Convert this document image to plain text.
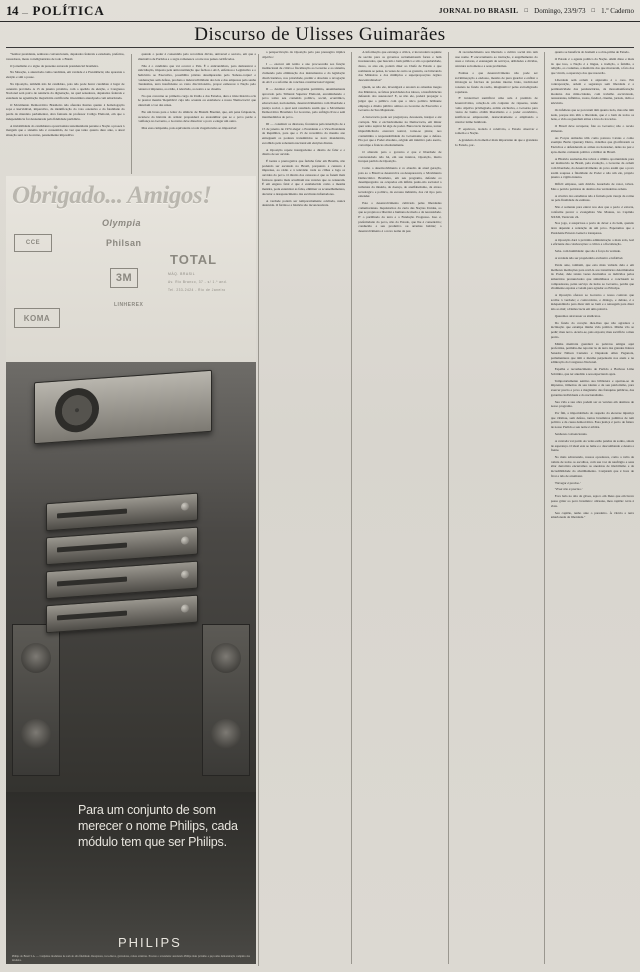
14 — POLÍTICA	JORNAL DO BRASIL □ Domingo, 23/9/73 □ 1.º Caderno
Discurso de Ulisses Guimarães

"Senhor presidente, senhores convencionais, deputados federais e estaduais, prefeitos, vereadores, meus correligionários de todo o Brasil.

O jornalismo é o signo da presente aurorada presidencial brasileira.

Na Situação, a anunciada cama candidata, em verdade é a Presidência; não aparenta a eleição e sim a posse.

Na Oposição, também não há candidato, pois não pode haver candidato à lugar de ostensão provinda. A 15 de janeiro próximo, com o apelido da eleição, o Congresso Nacional será palco de renúncia da dignatação, na qual senadores, deputados federais e estaduais na agremiação majoritária certificarão investidura antecipada com amortizada.

O Movimento Democrático Brasileiro não aferenta ilusões quanto à homologação sopa e inervidável, imperativo, da identificação do voto ostensivo e da fatalidade da perda do mandato parlamentar, obra fantasia de professor Código Eleitoral, em que a independência foi desnaturada pela fidelidade partidária.

A inviabilidade do candidatura oposicionista testemunharia perante a Nação a proeza à margem que o sistema não é consentido, de vez que tanto quanto dure ante, a atual situação será ora Governo, perenemente impositivo

quando o poder é consentida pelo recordista dirvés, universal e secreto, em que a alternativa de Partidos e o regra romanesce ocorre nos países certificados.

Não é o candidato que vai ocorrer o País. É o anticandidato, para demonstrar a anticidiação, imposta pela anticonstituição que fechou o AI-5, enfeixou o Legislativo e o Judiciário ao Executivo, possibilita prisões desamparadas pelo 'habeas-corpus' e condenações sem defesa, produza a indesvacibilidade dos leis e das empresas pela sanha clandestina, terra insuficiente ao vasto discricionário, propor esmorece à Nação pelo censura à imprensa, ao rádio, à televisão, ao teatro e ao cinema.

No que concerne ao primeiro cargo da União e dos Estados, dura a triste história ocla de prestar mesma 'República' cuja não ocuanta ou estabelece e nossa 'Democracia' que silenciam a voz das urnas.

Ele um brasa para o leitor do silêncio de Brutalá Brezitei, que, em pena falquancia, escartece da história do artista: proponderá ao anotanilhar que se o povo perde a confiança no Governo, o Governo deve dissolver o povo e eleger um outro.

Mas essa campanha, pois equivaleria a toda viagem rumo ao impossível

Obrigado... Amigos!
CCE
Olympia
Philsan
3M
KOMA
LINHEREX
TOTAL
MÁQ. BRASIL
Av. Rio Branco, 37 - s/ 1.º and.
Tel. 233-2424 - Rio de Janeiro
Para um conjunto de som merecer o nome Philips, cada módulo tem que ser Philips.
PHILIPS
Philips do Brasil S.A. — Conjuntos modulares de som de alta fidelidade. Receptores, toca-discos, gravadores, caixas acústicas. Procure o revendedor autorizado Philips mais próximo e peça uma demonstração completa dos módulos.

a perspectivação da Oposição pelo pau pressagira tríplice objetivo:

I — exercer um termo e ano procoecedia aos função institucional de critica e fiscalização ao Governo e ao sistema, clamando pela eliminação dos instrumentos e da legislação discricionários, nos prioridade, premir e absoluta a revogação do AI-5 e a reforma da conclusa constitucional vigente;

II — destinar com o programa partidário, unanimemente aprovado pelo Tribunal Superior Eleitoral, encaminhando o povo sobre seu conteúdo político, social, econômico, educacional, nacionalista, desenvolvimentista com liberdade e justiça social, o qual será resultado assim que o Movimento Democrático Brasileiro for Governo, pelo sufrágio livre e sem intermediários do povo.

III — constituir os diretores, fronteiras pela interdição de a 15 de janeiro de 1974 eleger o Presidente e o Vice-Presidente da República, para que a 15 de novembro do mesmo ano entreguem os poderes transmitidos ao novo mandatário, escolhido pela soberania nacional em eleições diretas.

A Oposição repete insurgaciente e direito de falar e o direito de ser ouvido.

É isenta a prerrogativa que farinha falar em Brasília, não podendo ser escutado no Brasil, porquanto a censura à imprensa, ao rádio e à televisão veda as cilhas e laga os ouvidos do povo. O direito dos censores é que os fazem mais furiosos quanto mais acreditam nas versões que os censuram. É em engano fatal é que é estabelecida como a mesma mentira, pode esternizar as falsa, eliminar os aconselhamentos, decretar a desaparecimento das escrituras infantadores.

A verdade poderá ser temporariamente ocultada, nunca destruída. O furtiza e a história são inconcussíveis.

A informação que estrange a critica, é incorrederá requinte de secrito para os governos reciamentarem fortes e bem incensurados, que buscam o bem público e silo a popularidade, dasso, os atas ele, poderá dizer ao Chefe de Estado a que realmente se pensa, às vezes de outro se gostaria, ou brincando dos Ministros e dos múltiplos e superproporções órgãos descentralizados?

Quem, se não ele, investigará e anotará as omeshas inegas dos Ministros, as falsas prioridades dos idosos, a insuficiências defeendo dos assessores? E, se não ele, poderá propagar a julgar que o público com que o ótico político brilhante emprega e direito público omisso ao Governo de Executivo e Governo de Sua Majestade.

A burocracia pode ser preguiçosa, desonesta, insápar e até corrupta. Não é exclusivamente na Democracia, em minar quer reino aspirar há alga de poder. Burocracia incensa, tornar imprebilicência exercerá teatral, torna-se pintor, nos contaminha a responsabilidade do Governante que a defesa. Ela por que a Poder absoluto, origido em intuitivo pelo aserto, corrompe e francas absolutamente.

O alterado para o governo é que é liberdade de concurandado não há, em sua inteiros, Oposição, muito incapaz partido de Oposição.

Como o desenvolvimento é co elaudio de atual geração, pois ao o Brasil se desenvolve ou desaparecerá, o Movimento Democrático Brasileiro, em seu programa, defende os desempregados ou ocupados em infima paulo-são sacional a turbatura da miséria, da doença, do analfabetismo, da atraso tecnológico e político, da escassa indústria, dos cal tipo para extender.

Este o desenvolvimento cultivado pelas liberdades comemorianas. Inquistoritos da curta das Nações Unidas, ao que se projetou a liberdar e humana de medo e da necessidade. E' o partilhado da terra e a Fundação Progresso. Isso é, preferindade do povo, não do Estado, que lhe é consentário; conduzido a seu produtivo ou arrumas habitar; o desenvolvimento é o novo nome da paz.

Já reconhecimento seu libertado o cultivo social não tem esse nome. E' encorremento ao instração, é engelhamento do essas e valores, é estenagem de serviços, utilidades e dívidas, estrutura as homens e a seus problemas.

Estátua o que desenvolvimento não pode ser incriminaçação e endosso, mesmo de pura guardar e enfitar a mitologia ao folclore do produto interno bruto, tradicional bonanza no fundo da razão, imaginativo! pelas extrodigiosão populares.

E' intolerável sanitificar uma sala à premido de desenvolvidos, relação-la em conjunto de riquezas, tende como objetivo privilegiada, ardido exclusiva, o Governo para custos de banho obtêm liberalismo e o poder econômico, justificar-se empresarial, destacabamente e ampliando a exterior latme banilrado.

E' equívoco, isolado à coletivrio, o Estado observar e homem e a Nação.

A grandeza do homem é mais importante de que a grandeza do Estado, por-

quanto se beneficia do homem e a obra-prima de Estado.

O Estado é o agente político da Nação. Além disso e mais do que isso, a Nação é a língua, a tradição, a família, a religião, os costumes, a memória dos que morreram, a fato dos que vivem, a esperança dos que nascerão.

Liberdade sem ordem é anjurama é o caos. Em contraposição, ordem e segurança sem liberdade é a permissividade das penitenciárias, da monomanifestação moderna das mini-cidades, com trabalho escravizado, restaurantes, infâmios, rostos, futebol, cinema, jornais, rádio e televisão.

Os infelizes que se porcaram têm quanto tudo, mas não têm nada, porque não têm a liberdade, que é o bem de todos os bens, e vida ou guardam atitua a lava do trocados.

O Brasil deve recuperar, fale ao Governo; não o receio alimento.

As Forças Armadas têm como patrono Caxias e como exemplo Barão Quarany Dutra, cidadãos que glorificaram os Exércitos e defenderam as armas na honradez, delas na paz e após-momo comando político e militar do Brasil.

A História assinalou-lhe talvez a última oportunidade para ser institucido no Brasil, pela evolução, o Governo da ordem com liberdade, do desenvolvimento do povo assim que o povo assim soupase a finalidade de Poder e não um ele, próprio janeiro e vigília interna.

Difícil empresa, sem dúvida. Guardada de razor, talvez. Mas o pericio patriotas do destino das verdadeiras ordens.

A criativa dos estadistas não é furiada pela vureja da rotina ou pela finalidade de estátuas.

Não é somente para entrar nos eles que a pacto é extorta, conforme prever a evangelista São Mateus, no Capítulo XXXII, Versículo 24.

Nos jogo, é auspiciosa a porta do dever e do bem, quando deve depende a redenção de um povo. Esperamos que a Presidente Ernesto Geisel a transpassa.

A Oposição dará à próxima administração a mais sólo, leal e eficiente das colaborações: a crítica e a fiscalização.

Sabe. com humildade: que são é força da verdade.

A verdade não ser proprietário exclusivo e infalível.

Perde ante, também, que esta mais vultada dela e em melhores mediações para revê-la aos transitórios determinadas do Poder, dele tantas vezes destruídos os individos pelos temerários pronunciados que simultâneos e conclusam ao compasisores, pelas serviço de tudos ao Governo, perdia que vitalmente espolas e vetam para agradar ao Príncipe.

A Oposição oferece ao Governo o nosso contrato que acolhe à verdade; e controvérsia, e diálogo, e debate, é a independência para dizer sim ao bem e a rensagem para dizer não ao mal; a Democracia em uma palavra.

Queremos atravessar os sindicatos.

Do fundo do coração dize-lhes que não agradece a inclinação que estampa minha vida política. Minha vão se pedir; meu novo. Acerta-se, pais exposta; meu sacrifício a meu preito.

Minha memória guardará as palavras amigas aqui proferidas, permitia-me reportar às da terra das grandes lideres Senador Nélson Carneiro e Deputado Alizo Paganola, parlamentares que têm a mesma perpetuada nos anais e na admiração do Congresso Nacional.

Espelha e reconhecimento de Partido a Barbosa Lima Sobrinho, que ter anudido a seu expectando após.

Temporariamente sentino sua bibliotera e apartou-se da imprensa, trimeiros da seu talento e de seu patriotismo, para exercer precio e povo a magistério das franquias públicas, das garantias individuais e do nacionalismo.

Sua vida e sua obra podem ser as versões em destinos de nosso programa.

Por fim, a importabilado do respeito da elecerse injustiça que vitimou, sem defesa, tantos brasileiros palmitos de tem político e da causa democrática. Essa justiça é pacto de futuro de nosso Partido e seu noite é arbitra.

Senhores convencionais.

A caravela vai partir. As velas estão pandas de sonho, sinais de esperança. O ideal esta ao leme e o descombando e desata a frente.

No mais adversando, nossos opositores, como a velta da rotinia de todos os escolhos, com sua voz de naufrágio e seus altar derrotista encarramos as anedotas de imobilismo e da incredibilidade do abatilhamento. Conjuram que é hora de ficar e não de arrematar.

'Navegar é preciso.'

'Viver não é preciso.'

Fora bela no alta da gávea, asjoco em Deus que em breve passa gritar ao povo brasileiro: oltruana, meu capitão: terra à vista.

Seu capitão, tenho ante o paradeiro. À vitória a terra amarlonada da liberdade."
